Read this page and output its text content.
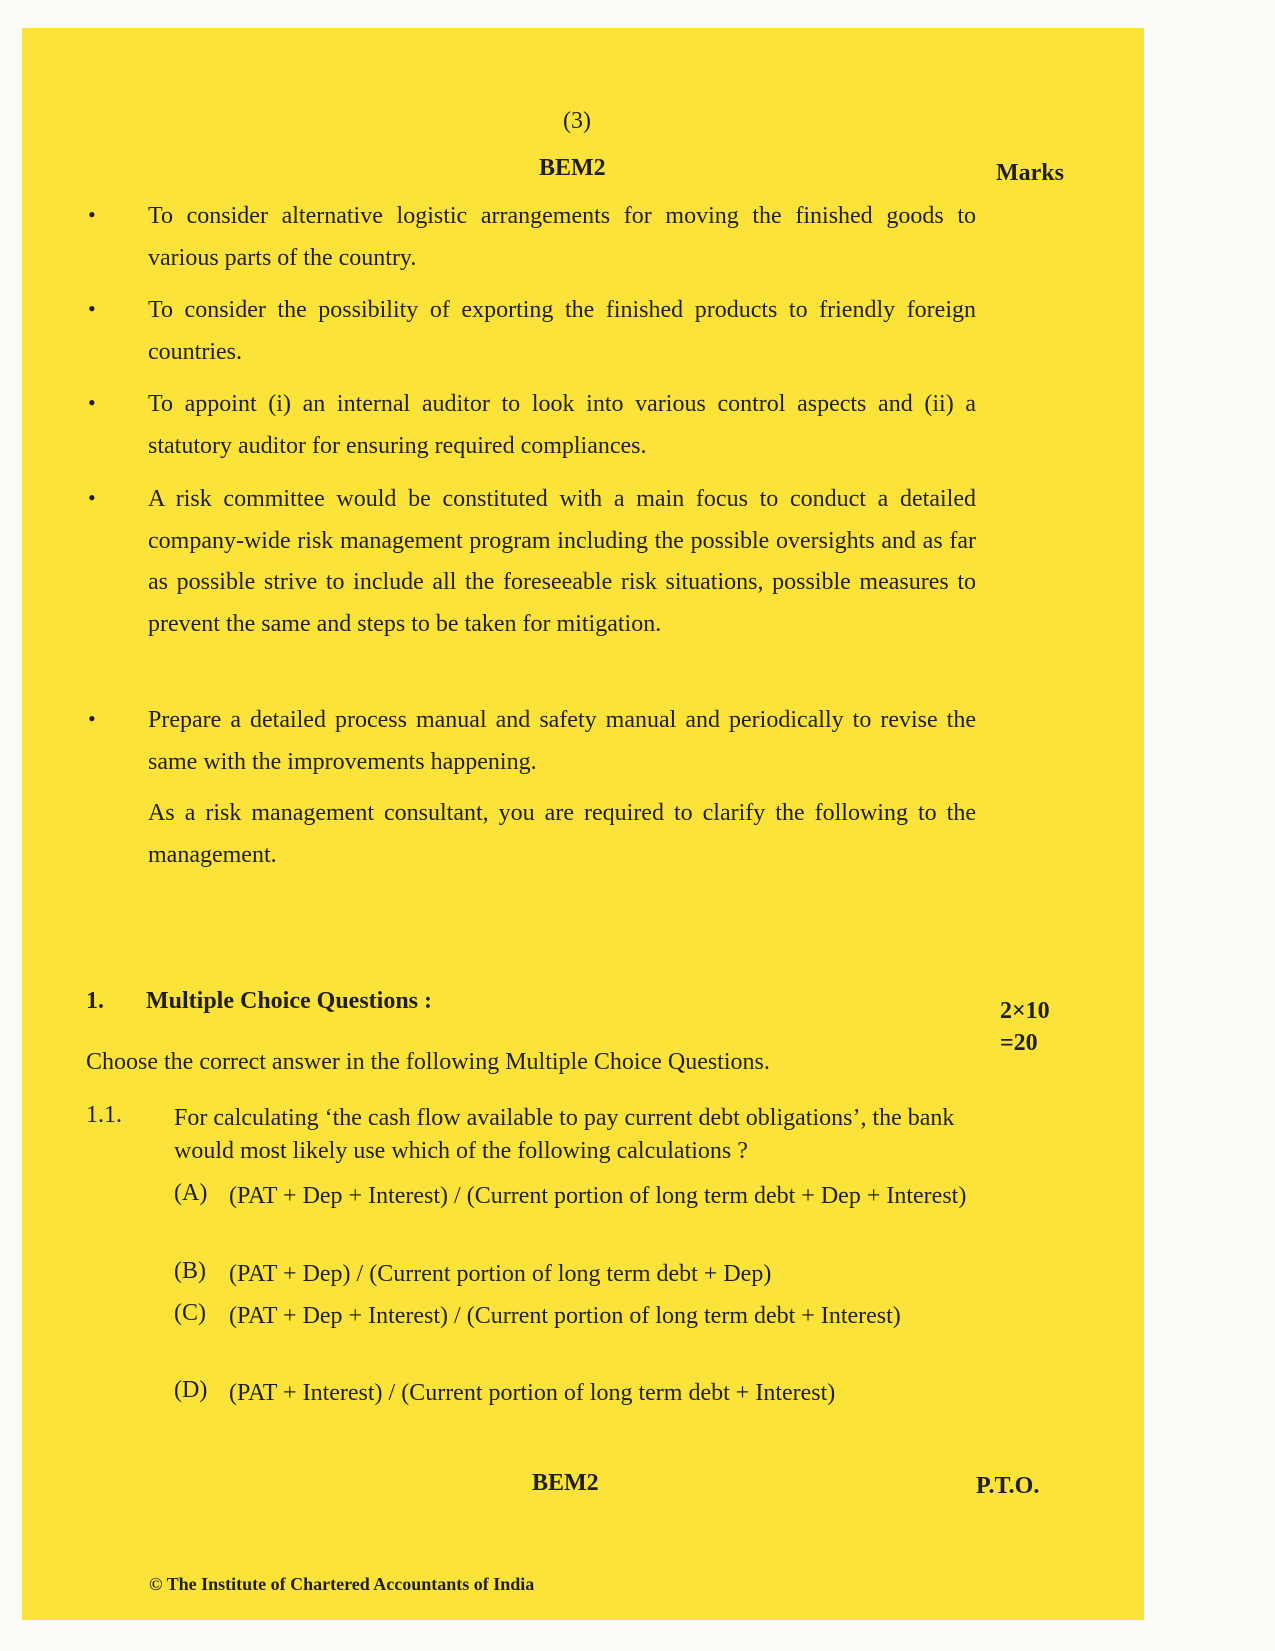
(3)

BEM2	Marks

• To consider alternative logistic arrangements for moving the finished goods to various parts of the country.
• To consider the possibility of exporting the finished products to friendly foreign countries.
• To appoint (i) an internal auditor to look into various control aspects and (ii) a statutory auditor for ensuring required compliances.
• A risk committee would be constituted with a main focus to conduct a detailed company-wide risk management program including the possible oversights and as far as possible strive to include all the foreseeable risk situations, possible measures to prevent the same and steps to be taken for mitigation.
• Prepare a detailed process manual and safety manual and periodically to revise the same with the improvements happening.
As a risk management consultant, you are required to clarify the following to the management.

1. Multiple Choice Questions :	2×10
=20

Choose the correct answer in the following Multiple Choice Questions.

1.1. For calculating ‘the cash flow available to pay current debt obligations’, the bank would most likely use which of the following calculations ?
(A) (PAT + Dep + Interest) / (Current portion of long term debt + Dep + Interest)
(B) (PAT + Dep) / (Current portion of long term debt + Dep)
(C) (PAT + Dep + Interest) / (Current portion of long term debt + Interest)
(D) (PAT + Interest) / (Current portion of long term debt + Interest)

BEM2	P.T.O.

© The Institute of Chartered Accountants of India
